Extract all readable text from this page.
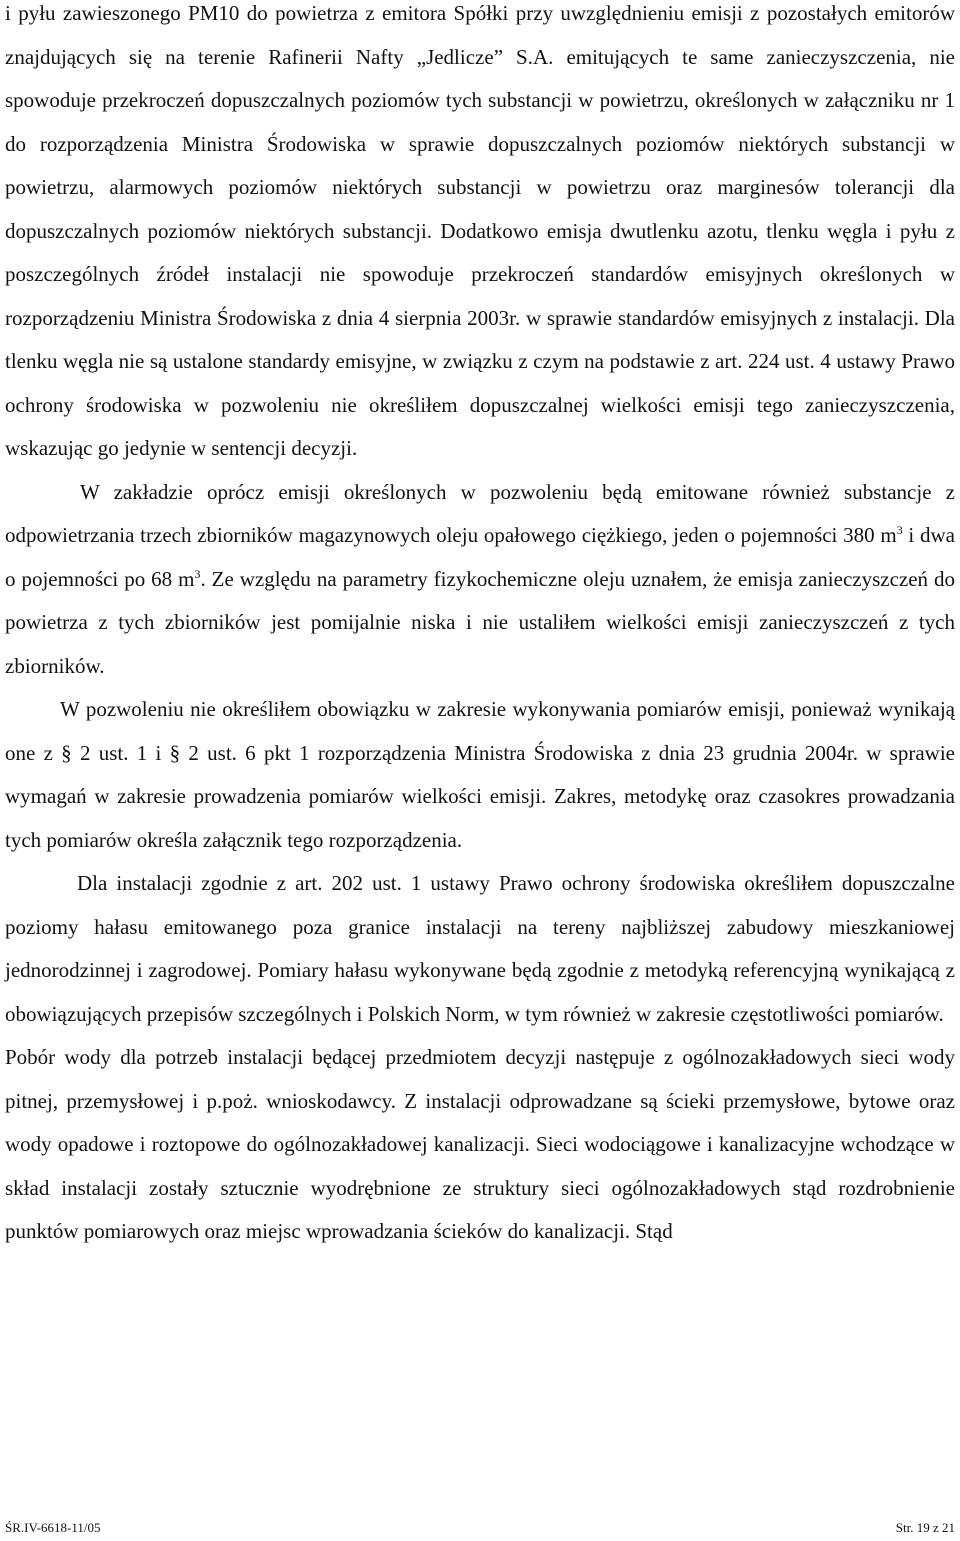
i pyłu zawieszonego PM10 do powietrza z emitora Spółki przy uwzględnieniu emisji z pozostałych emitorów znajdujących się na terenie Rafinerii Nafty „Jedlicze” S.A. emitujących te same zanieczyszczenia, nie spowoduje przekroczeń dopuszczalnych poziomów tych substancji w powietrzu, określonych w załączniku nr 1 do rozporządzenia Ministra Środowiska w sprawie dopuszczalnych poziomów niektórych substancji w powietrzu, alarmowych poziomów niektórych substancji w powietrzu oraz marginesów tolerancji dla dopuszczalnych poziomów niektórych substancji. Dodatkowo emisja dwutlenku azotu, tlenku węgla i pyłu z poszczególnych źródeł instalacji nie spowoduje przekroczeń standardów emisyjnych określonych w rozporządzeniu Ministra Środowiska z dnia 4 sierpnia 2003r. w sprawie standardów emisyjnych z instalacji. Dla tlenku węgla nie są ustalone standardy emisyjne, w związku z czym na podstawie z art. 224 ust. 4 ustawy Prawo ochrony środowiska w pozwoleniu nie określiłem dopuszczalnej wielkości emisji tego zanieczyszczenia, wskazując go jedynie w sentencji decyzji.

W zakładzie oprócz emisji określonych w pozwoleniu będą emitowane również substancje z odpowietrzania trzech zbiorników magazynowych oleju opałowego ciężkiego, jeden o pojemności 380 $m^3$ i dwa o pojemności po 68 $m^3$. Ze względu na parametry fizykochemiczne oleju uznałem, że emisja zanieczyszczeń do powietrza z tych zbiorników jest pomijalnie niska i nie ustaliłem wielkości emisji zanieczyszczeń z tych zbiorników.

W pozwoleniu nie określiłem obowiązku w zakresie wykonywania pomiarów emisji, ponieważ wynikają one z § 2 ust. 1 i § 2 ust. 6 pkt 1 rozporządzenia Ministra Środowiska z dnia 23 grudnia 2004r. w sprawie wymagań w zakresie prowadzenia pomiarów wielkości emisji. Zakres, metodykę oraz czasokres prowadzania tych pomiarów określa załącznik tego rozporządzenia.

Dla instalacji zgodnie z art. 202 ust. 1 ustawy Prawo ochrony środowiska określiłem dopuszczalne poziomy hałasu emitowanego poza granice instalacji na tereny najbliższej zabudowy mieszkaniowej jednorodzinnej i zagrodowej. Pomiary hałasu wykonywane będą zgodnie z metodyką referencyjną wynikającą z obowiązujących przepisów szczególnych i Polskich Norm, w tym również w zakresie częstotliwości pomiarów.

Pobór wody dla potrzeb instalacji będącej przedmiotem decyzji następuje z ogólnozakładowych sieci wody pitnej, przemysłowej i p.poż. wnioskodawcy. Z instalacji odprowadzane są ścieki przemysłowe, bytowe oraz wody opadowe i roztopowe do ogólnozakładowej kanalizacji. Sieci wodociągowe i kanalizacyjne wchodzące w skład instalacji zostały sztucznie wyodrębnione ze struktury sieci ogólnozakładowych stąd rozdrobnienie punktów pomiarowych oraz miejsc wprowadzania ścieków do kanalizacji. Stąd

ŚR.IV-6618-11/05	Str. 19 z 21
